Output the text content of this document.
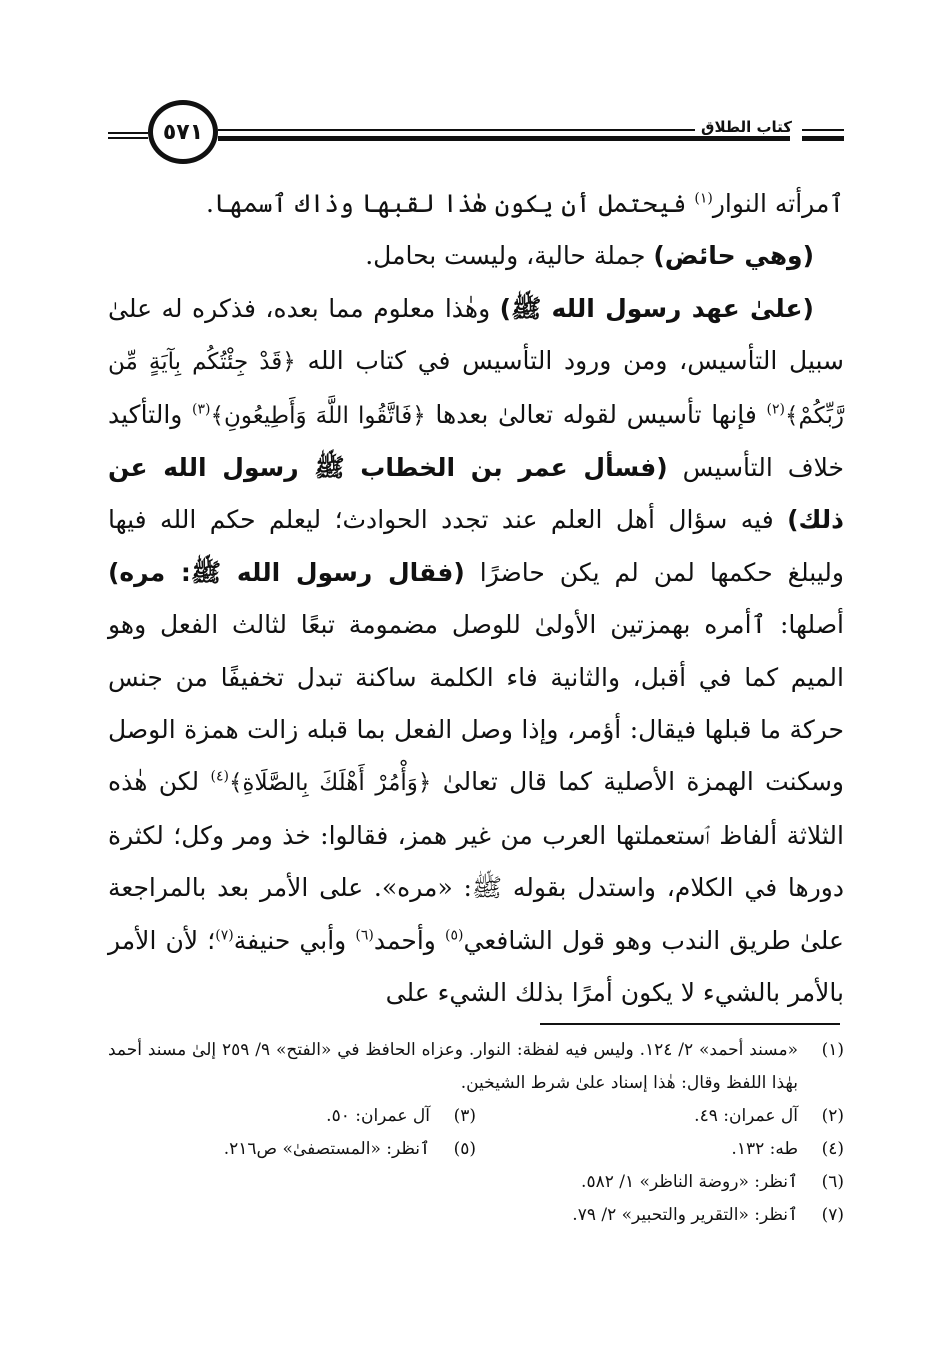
٥٧١	كتاب الطلاق

ٱمرأته النوار$^{(١)}$ فيحتمل أن يكون هٰذا لقبها وذاك ٱسمها.

(وهي حائض) جملة حالية، وليست بحامل.

(علىٰ عهد رسول الله ﷺ) وهٰذا معلوم مما بعده، فذكره له علىٰ سبيل التأسيس، ومن ورود التأسيس في كتاب الله ﴿قَدْ جِئْتُكُم بِآيَةٍ مِّن رَّبِّكُمْ﴾$^{(٢)}$ فإنها تأسيس لقوله تعالىٰ بعدها ﴿فَاتَّقُوا اللَّهَ وَأَطِيعُونِ﴾$^{(٣)}$ والتأكيد خلاف التأسيس (فسأل عمر بن الخطاب ﷺ رسول الله عن ذلك) فيه سؤال أهل العلم عند تجدد الحوادث؛ ليعلم حكم الله فيها وليبلغ حكمها لمن لم يكن حاضرًا (فقال رسول الله ﷺ: مره) أصلها: ٱأمره بهمزتين الأولىٰ للوصل مضمومة تبعًا لثالث الفعل وهو الميم كما في أقبل، والثانية فاء الكلمة ساكنة تبدل تخفيفًا من جنس حركة ما قبلها فيقال: أؤمر، وإذا وصل الفعل بما قبله زالت همزة الوصل وسكنت الهمزة الأصلية كما قال تعالىٰ ﴿وَأْمُرْ أَهْلَكَ بِالصَّلَاةِ﴾$^{(٤)}$ لكن هٰذه الثلاثة ألفاظ ٱستعملتها العرب من غير همز، فقالوا: خذ ومر وكل؛ لكثرة دورها في الكلام، واستدل بقوله ﷺ: «مره». على الأمر بعد بالمراجعة علىٰ طريق الندب وهو قول الشافعي$^{(٥)}$ وأحمد$^{(٦)}$ وأبي حنيفة$^{(٧)}$؛ لأن الأمر بالأمر بالشيء لا يكون أمرًا بذلك الشيء على

(١)
«مسند أحمد» ٢/ ١٢٤. وليس فيه لفظة: النوار. وعزاه الحافظ في «الفتح» ٩/ ٢٥٩ إلىٰ مسند أحمد بهٰذا اللفظ وقال: هٰذا إسناد علىٰ شرط الشيخين.
(٢)
آل عمران: ٤٩.
(٣)
آل عمران: ٥٠.
(٤)
طه: ١٣٢.
(٥)
ٱنظر: «المستصفىٰ» ص٢١٦.
(٦)
ٱنظر: «روضة الناظر» ١/ ٥٨٢.
(٧)
ٱنظر: «التقرير والتحبير» ٢/ ٧٩.
